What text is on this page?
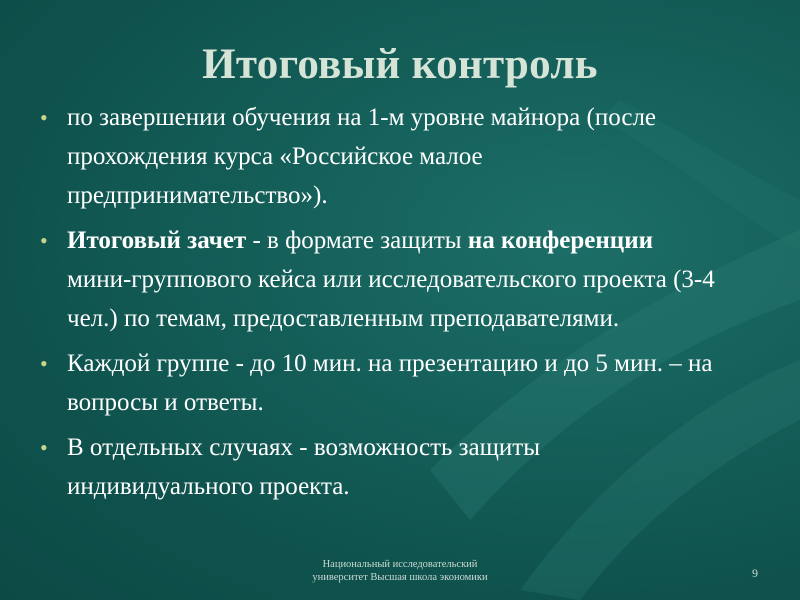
Итоговый контроль
• по завершении обучения на 1-м уровне майнора (после прохождения курса «Российское малое предпринимательство»).
• Итоговый зачет - в формате защиты на конференции мини-группового кейса или исследовательского проекта (3-4 чел.) по темам, предоставленным преподавателями.
• Каждой группе - до 10 мин. на презентацию и до 5 мин. – на вопросы и ответы.
• В отдельных случаях - возможность защиты индивидуального проекта.
Национальный исследовательский
университет Высшая школа экономики	9
